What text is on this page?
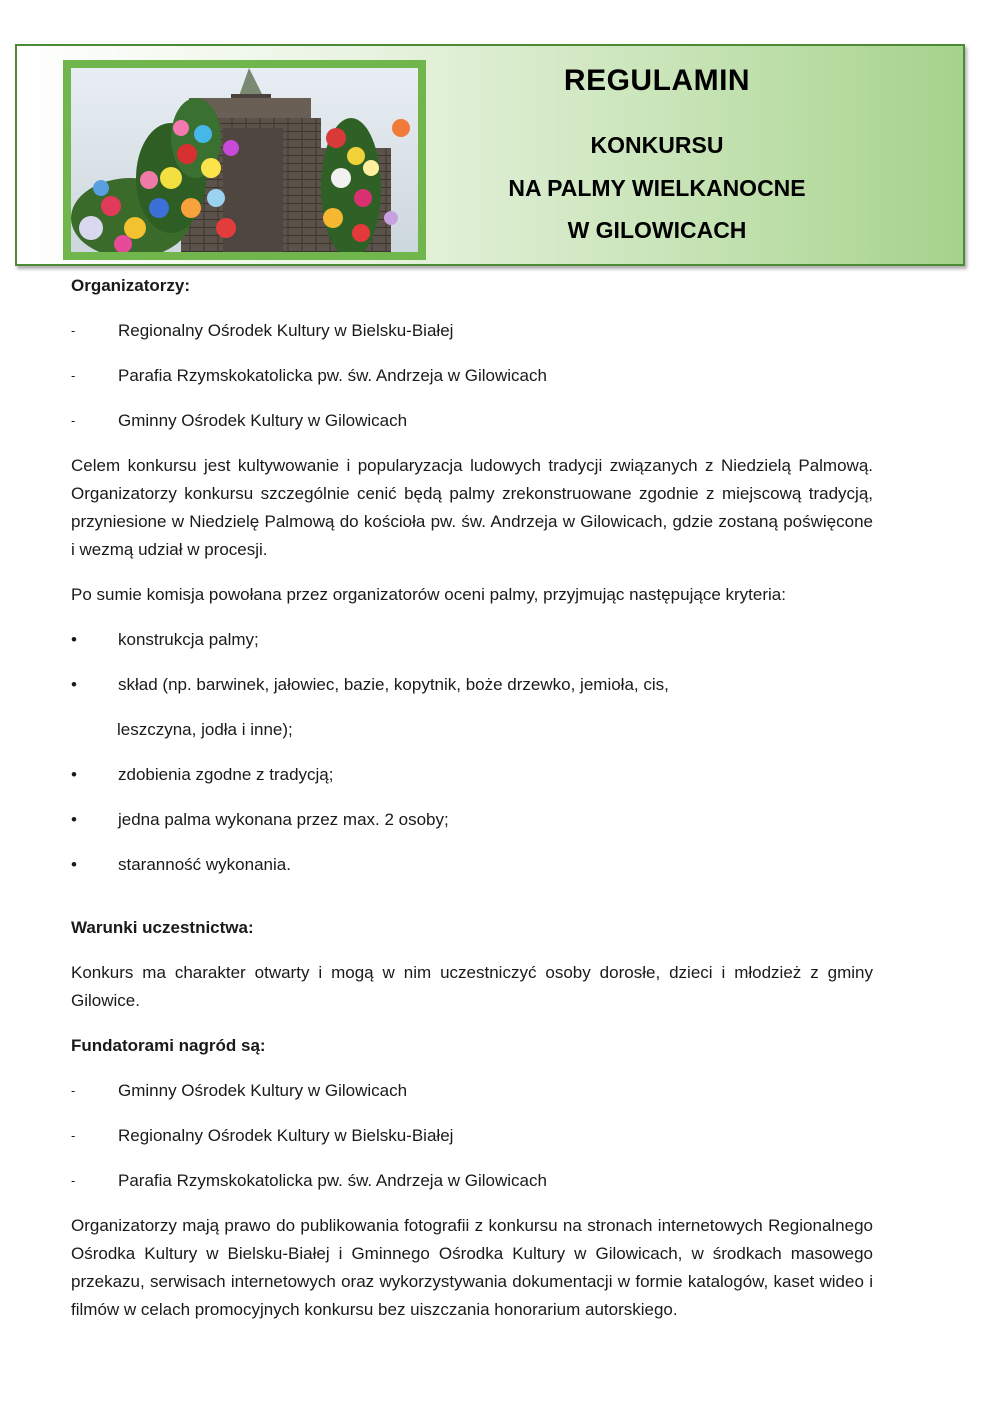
REGULAMIN
KONKURSU
NA PALMY WIELKANOCNE
W GILOWICACH

Organizatorzy:

-	Regionalny Ośrodek Kultury w Bielsku-Białej
-	Parafia Rzymskokatolicka pw. św. Andrzeja w Gilowicach
-	Gminny Ośrodek Kultury w Gilowicach

Celem konkursu jest kultywowanie i popularyzacja ludowych tradycji związanych z Niedzielą Palmową. Organizatorzy konkursu szczególnie cenić będą palmy zrekonstruowane zgodnie z miejscową tradycją, przyniesione w Niedzielę Palmową do kościoła pw. św. Andrzeja w Gilowicach, gdzie zostaną poświęcone i wezmą udział w procesji.

Po sumie komisja powołana przez organizatorów oceni palmy, przyjmując następujące kryteria:

• konstrukcja palmy;
• skład (np. barwinek, jałowiec, bazie, kopytnik, boże drzewko, jemioła, cis,

leszczyna, jodła i inne);

• zdobienia zgodne z tradycją;
• jedna palma wykonana przez max. 2 osoby;
• staranność wykonania.

Warunki uczestnictwa:

Konkurs ma charakter otwarty i mogą w nim uczestniczyć osoby dorosłe, dzieci i młodzież z gminy Gilowice.

Fundatorami nagród są:

-	Gminny Ośrodek Kultury w Gilowicach
-	Regionalny Ośrodek Kultury w Bielsku-Białej
-	Parafia Rzymskokatolicka pw. św. Andrzeja w Gilowicach

Organizatorzy mają prawo do publikowania fotografii z konkursu na stronach internetowych Regionalnego Ośrodka Kultury w Bielsku-Białej i Gminnego Ośrodka Kultury w Gilowicach, w środkach masowego przekazu, serwisach internetowych oraz wykorzystywania dokumentacji w formie katalogów, kaset wideo i filmów w celach promocyjnych konkursu bez uiszczania honorarium autorskiego.
